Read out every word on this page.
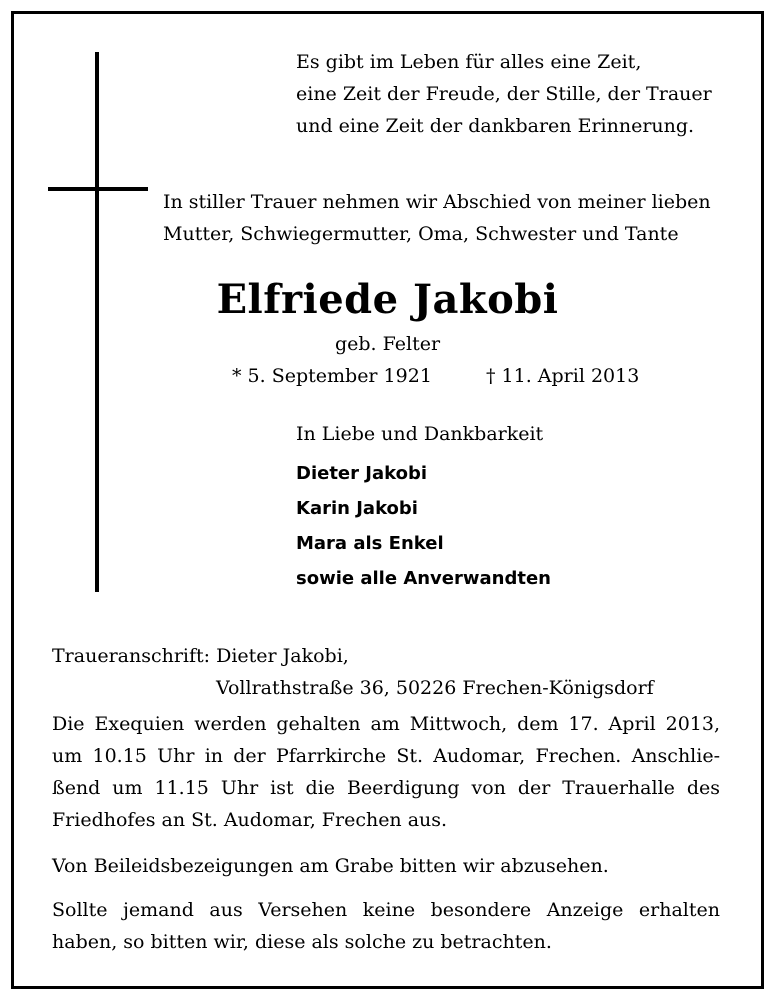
Es gibt im Leben für alles eine Zeit,
eine Zeit der Freude, der Stille, der Trauer
und eine Zeit der dankbaren Erinnerung.
In stiller Trauer nehmen wir Abschied von meiner lieben
Mutter, Schwiegermutter, Oma, Schwester und Tante
Elfriede Jakobi
geb. Felter
* 5. September 1921	† 11. April 2013
In Liebe und Dankbarkeit
Dieter Jakobi
Karin Jakobi
Mara als Enkel
sowie alle Anverwandten
Traueranschrift: Dieter Jakobi,
Vollrathstraße 36, 50226 Frechen-Königsdorf
Die Exequien werden gehalten am Mittwoch, dem 17. April 2013,
um 10.15 Uhr in der Pfarrkirche St. Audomar, Frechen. Anschlie-
ßend um 11.15 Uhr ist die Beerdigung von der Trauerhalle des
Friedhofes an St. Audomar, Frechen aus.
Von Beileidsbezeigungen am Grabe bitten wir abzusehen.
Sollte jemand aus Versehen keine besondere Anzeige erhalten
haben, so bitten wir, diese als solche zu betrachten.
